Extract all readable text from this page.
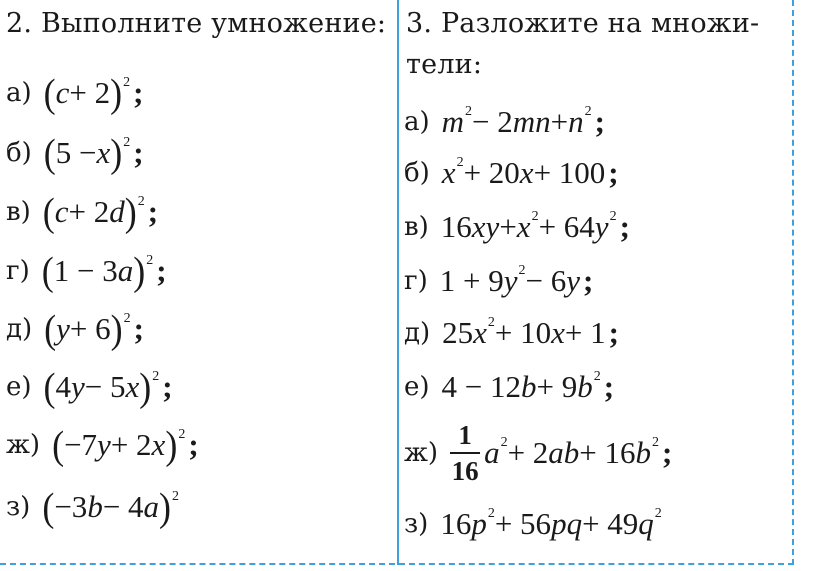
2. Выполните умножение:
а) ( c + 2 ) 2 ;
б) ( 5 − x ) 2 ;
в) ( c + 2 d ) 2 ;
г) ( 1 − 3 a ) 2 ;
д) ( y + 6 ) 2 ;
е) ( 4 y − 5 x ) 2 ;
ж) ( −7 y + 2 x ) 2 ;
з) ( −3 b − 4 a ) 2
3. Разложите на множи-
тели:
а) m 2 − 2 mn + n 2 ;
б) x 2 + 20 x + 100 ;
в) 16 xy + x 2 + 64 y 2 ;
г) 1 + 9 y 2 − 6 y ;
д) 25 x 2 + 10 x + 1 ;
е) 4 − 12 b + 9 b 2 ;
$ж) \frac{1}{16}$ a 2 + 2 ab + 16 b 2 ;
з) 16 p 2 + 56 pq + 49 q 2
